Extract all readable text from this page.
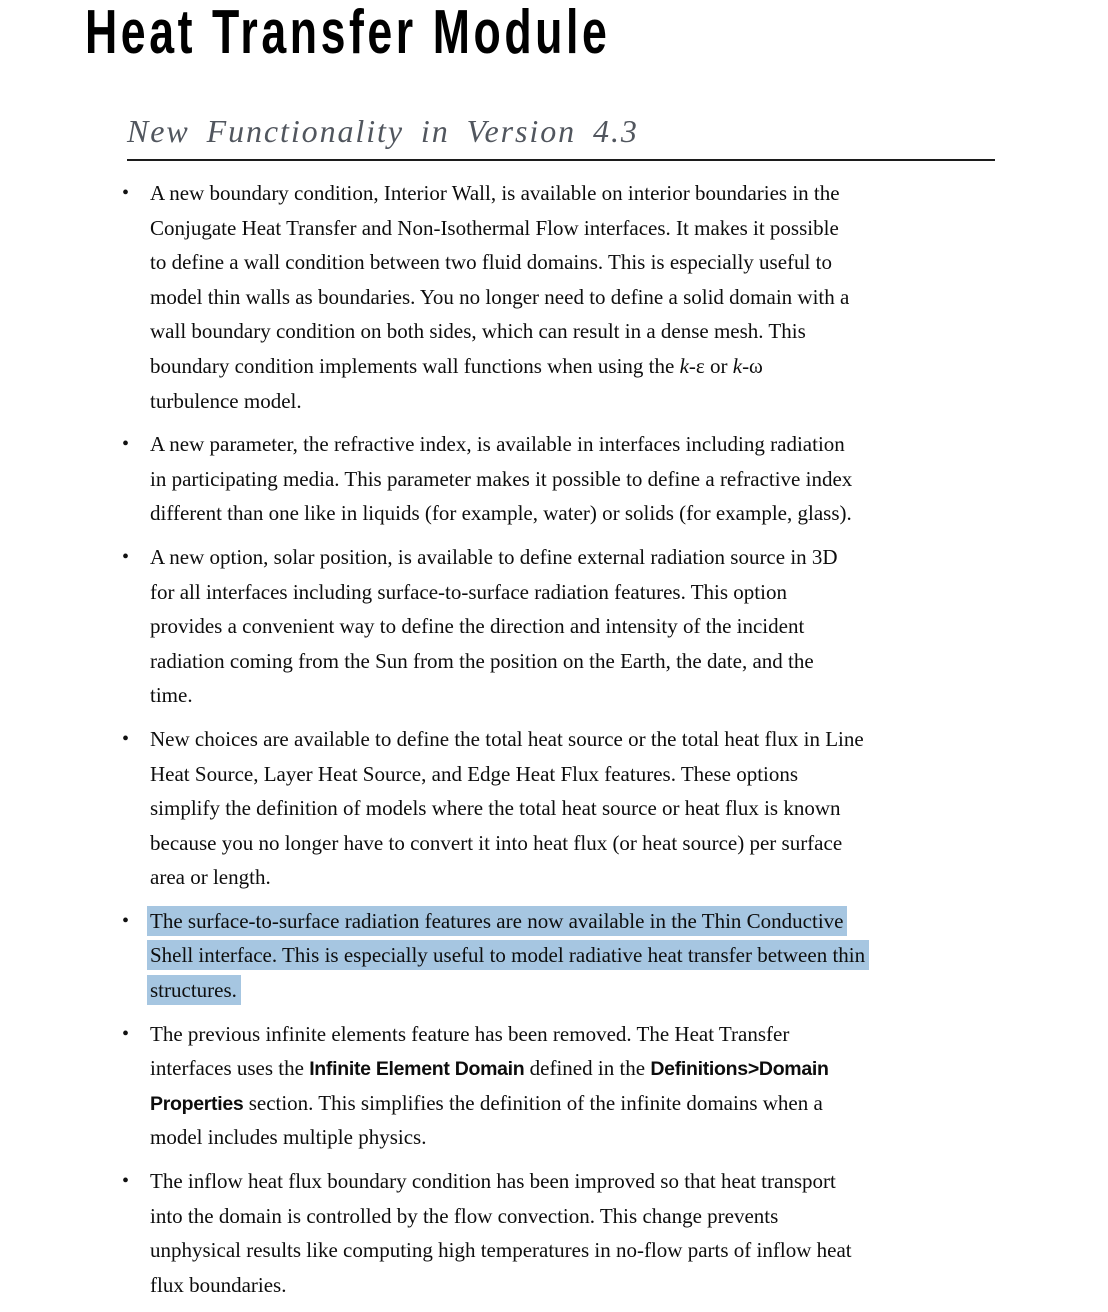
Heat Transfer Module
New Functionality in Version 4.3
• A new boundary condition, Interior Wall, is available on interior boundaries in the
Conjugate Heat Transfer and Non-Isothermal Flow interfaces. It makes it possible
to define a wall condition between two fluid domains. This is especially useful to
model thin walls as boundaries. You no longer need to define a solid domain with a
wall boundary condition on both sides, which can result in a dense mesh. This
boundary condition implements wall functions when using the k-ε or k-ω
turbulence model.
• A new parameter, the refractive index, is available in interfaces including radiation
in participating media. This parameter makes it possible to define a refractive index
different than one like in liquids (for example, water) or solids (for example, glass).
• A new option, solar position, is available to define external radiation source in 3D
for all interfaces including surface-to-surface radiation features. This option
provides a convenient way to define the direction and intensity of the incident
radiation coming from the Sun from the position on the Earth, the date, and the
time.
• New choices are available to define the total heat source or the total heat flux in Line
Heat Source, Layer Heat Source, and Edge Heat Flux features. These options
simplify the definition of models where the total heat source or heat flux is known
because you no longer have to convert it into heat flux (or heat source) per surface
area or length.
• The surface-to-surface radiation features are now available in the Thin Conductive
Shell interface. This is especially useful to model radiative heat transfer between thin
structures.
• The previous infinite elements feature has been removed. The Heat Transfer
interfaces uses the Infinite Element Domain defined in the Definitions>Domain
Properties section. This simplifies the definition of the infinite domains when a
model includes multiple physics.
• The inflow heat flux boundary condition has been improved so that heat transport
into the domain is controlled by the flow convection. This change prevents
unphysical results like computing high temperatures in no-flow parts of inflow heat
flux boundaries.
